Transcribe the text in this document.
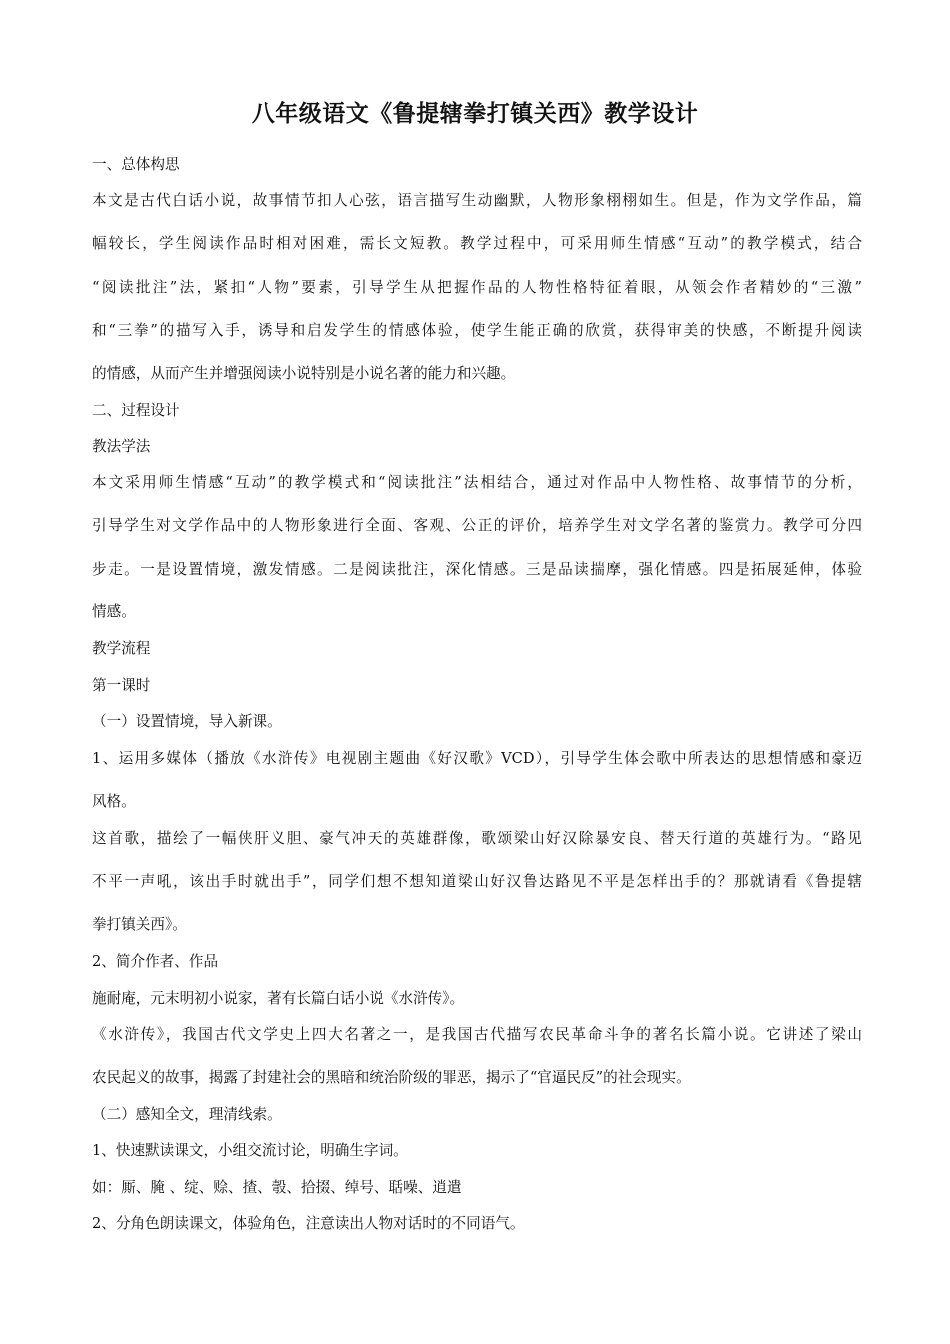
八年级语文《鲁提辖拳打镇关西》教学设计
一、总体构思
本文是古代白话小说，故事情节扣人心弦，语言描写生动幽默，人物形象栩栩如生。但是，作为文学作品，篇
幅较长，学生阅读作品时相对困难，需长文短教。教学过程中，可采用师生情感“互动”的教学模式，结合
“阅读批注”法，紧扣“人物”要素，引导学生从把握作品的人物性格特征着眼，从领会作者精妙的“三激”
和“三拳”的描写入手，诱导和启发学生的情感体验，使学生能正确的欣赏，获得审美的快感，不断提升阅读
的情感，从而产生并增强阅读小说特别是小说名著的能力和兴趣。
二、过程设计
教法学法
本文采用师生情感“互动”的教学模式和“阅读批注”法相结合，通过对作品中人物性格、故事情节的分析，
引导学生对文学作品中的人物形象进行全面、客观、公正的评价，培养学生对文学名著的鉴赏力。教学可分四
步走。一是设置情境，激发情感。二是阅读批注，深化情感。三是品读揣摩，强化情感。四是拓展延伸，体验
情感。
教学流程
第一课时
（一）设置情境，导入新课。
1、运用多媒体（播放《水浒传》电视剧主题曲《好汉歌》VCD），引导学生体会歌中所表达的思想情感和豪迈
风格。
这首歌，描绘了一幅侠肝义胆、豪气冲天的英雄群像，歌颂梁山好汉除暴安良、替天行道的英雄行为。“路见
不平一声吼，该出手时就出手”，同学们想不想知道梁山好汉鲁达路见不平是怎样出手的？那就请看《鲁提辖
拳打镇关西》。
2、简介作者、作品
施耐庵，元末明初小说家，著有长篇白话小说《水浒传》。
《水浒传》，我国古代文学史上四大名著之一，是我国古代描写农民革命斗争的著名长篇小说。它讲述了梁山
农民起义的故事，揭露了封建社会的黑暗和统治阶级的罪恶，揭示了“官逼民反”的社会现实。
（二）感知全文，理清线索。
1、快速默读课文，小组交流讨论，明确生字词。
如：厮、腌 、绽、赊、揸、彀、拾掇、绰号、聒噪、逍遣
2、分角色朗读课文，体验角色，注意读出人物对话时的不同语气。
